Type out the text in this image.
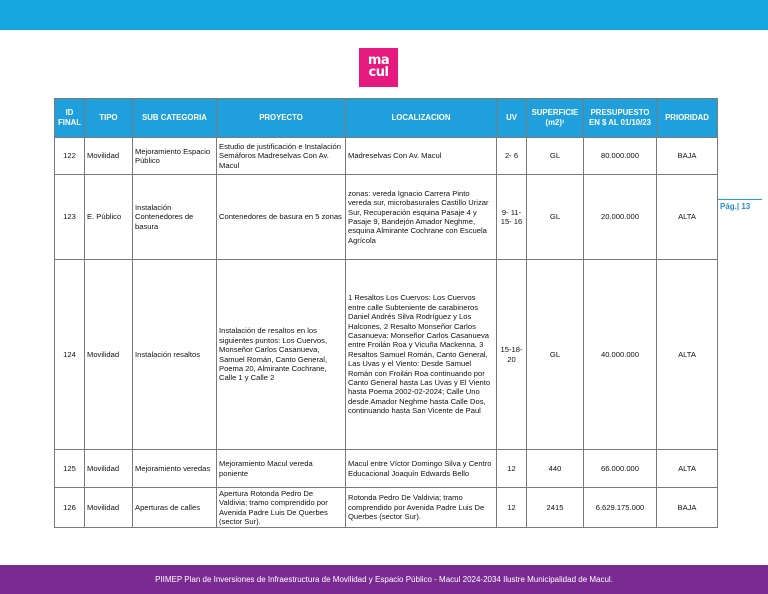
ma
cul
ID FINAL	TIPO	SUB CATEGORIA	PROYECTO	LOCALIZACION	UV	SUPERFICIE (m2)¹	PRESUPUESTO EN $ AL 01/10/23	PRIORIDAD
122	Movilidad	Mejoramiento Espacio Público	Estudio de justificación e Instalación Semáforos Madreselvas Con Av. Macul	Madreselvas Con Av. Macul	2- 6	GL	80.000.000	BAJA
123	E. Público	Instalación Contenedores de basura	Contenedores de basura en 5 zonas	zonas: vereda Ignacio Carrera Pinto vereda sur, microbasurales Castillo Urizar Sur, Recuperación esquina Pasaje 4 y Pasaje 9, Bandejón Amador Neghme, esquina Almirante Cochrane con Escuela Agrícola	9- 11- 15- 16	GL	20.000.000	ALTA
124	Movilidad	Instalación resaltos	Instalación de resaltos en los siguientes puntos: Los Cuervos, Monseñor Carlos Casanueva, Samuel Román, Canto General, Poema 20, Almirante Cochrane, Calle 1 y Calle 2	1 Resaltos Los Cuervos: Los Cuervos entre calle Subteniente de carabineros Daniel Andrés Silva Rodríguez y Los Halcones, 2 Resalto Monseñor Carlos Casanueva: Monseñor Carlos Casanueva entre Froilán Roa y Vicuña Mackenna, 3 Resaltos Samuel Román, Canto General, Las Uvas y el Viento: Desde Samuel Román con Froilán Roa continuando por Canto General hasta Las Uvas y El Viento hasta Poema 2002-02-2024; Calle Uno desde Amador Neghme hasta Calle Dos, continuando hasta San Vicente de Paul	15-18- 20	GL	40.000.000	ALTA
125	Movilidad	Mejoramiento veredas	Mejoramiento Macul vereda poniente	Macul entre Víctor Domingo Silva y Centro Educacional Joaquín Edwards Bello	12	440	66.000.000	ALTA
126	Movilidad	Aperturas de calles	Apertura Rotonda Pedro De Valdivia; tramo comprendido por Avenida Padre Luis De Querbes (sector Sur).	Rotonda Pedro De Valdivia; tramo comprendido por Avenida Padre Luis De Querbes (sector Sur).	12	2415	6.629.175.000	BAJA
Pág.| 13
PIIMEP Plan de Inversiones de Infraestructura de Movilidad y Espacio Público - Macul 2024-2034 Ilustre Municipalidad de Macul.
